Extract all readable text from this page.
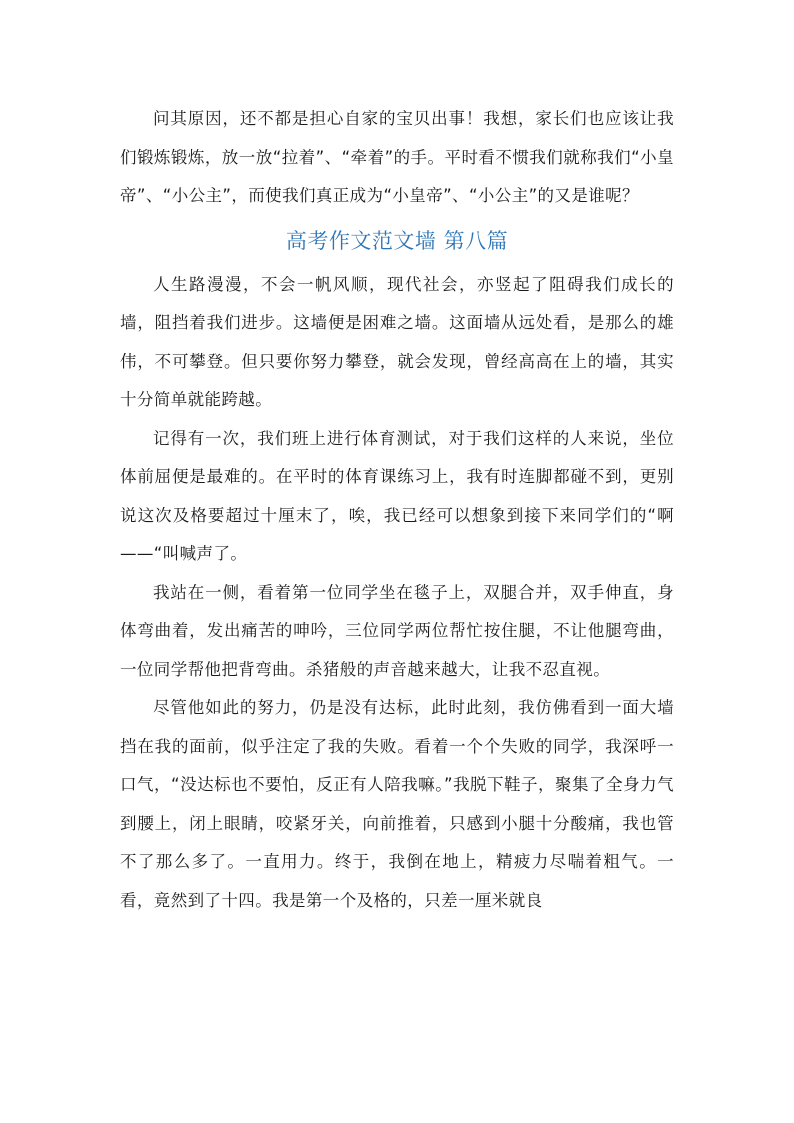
问其原因，还不都是担心自家的宝贝出事！我想，家长们也应该让我们锻炼锻炼，放一放“拉着”、“牵着”的手。平时看不惯我们就称我们“小皇帝”、“小公主”，而使我们真正成为“小皇帝”、“小公主”的又是谁呢？

高考作文范文墙 第八篇

人生路漫漫，不会一帆风顺，现代社会，亦竖起了阻碍我们成长的墙，阻挡着我们进步。这墙便是困难之墙。这面墙从远处看，是那么的雄伟，不可攀登。但只要你努力攀登，就会发现，曾经高高在上的墙，其实十分简单就能跨越。

记得有一次，我们班上进行体育测试，对于我们这样的人来说，坐位体前屈便是最难的。在平时的体育课练习上，我有时连脚都碰不到，更别说这次及格要超过十厘末了，唉，我已经可以想象到接下来同学们的“啊——“叫喊声了。

我站在一侧，看着第一位同学坐在毯子上，双腿合并，双手伸直，身体弯曲着，发出痛苦的呻吟，三位同学两位帮忙按住腿，不让他腿弯曲，一位同学帮他把背弯曲。杀猪般的声音越来越大，让我不忍直视。

尽管他如此的努力，仍是没有达标，此时此刻，我仿佛看到一面大墙挡在我的面前，似乎注定了我的失败。看着一个个失败的同学，我深呼一口气，“没达标也不要怕，反正有人陪我嘛。”我脱下鞋子，聚集了全身力气到腰上，闭上眼睛，咬紧牙关，向前推着，只感到小腿十分酸痛，我也管不了那么多了。一直用力。终于，我倒在地上，精疲力尽喘着粗气。一看，竟然到了十四。我是第一个及格的，只差一厘米就良
